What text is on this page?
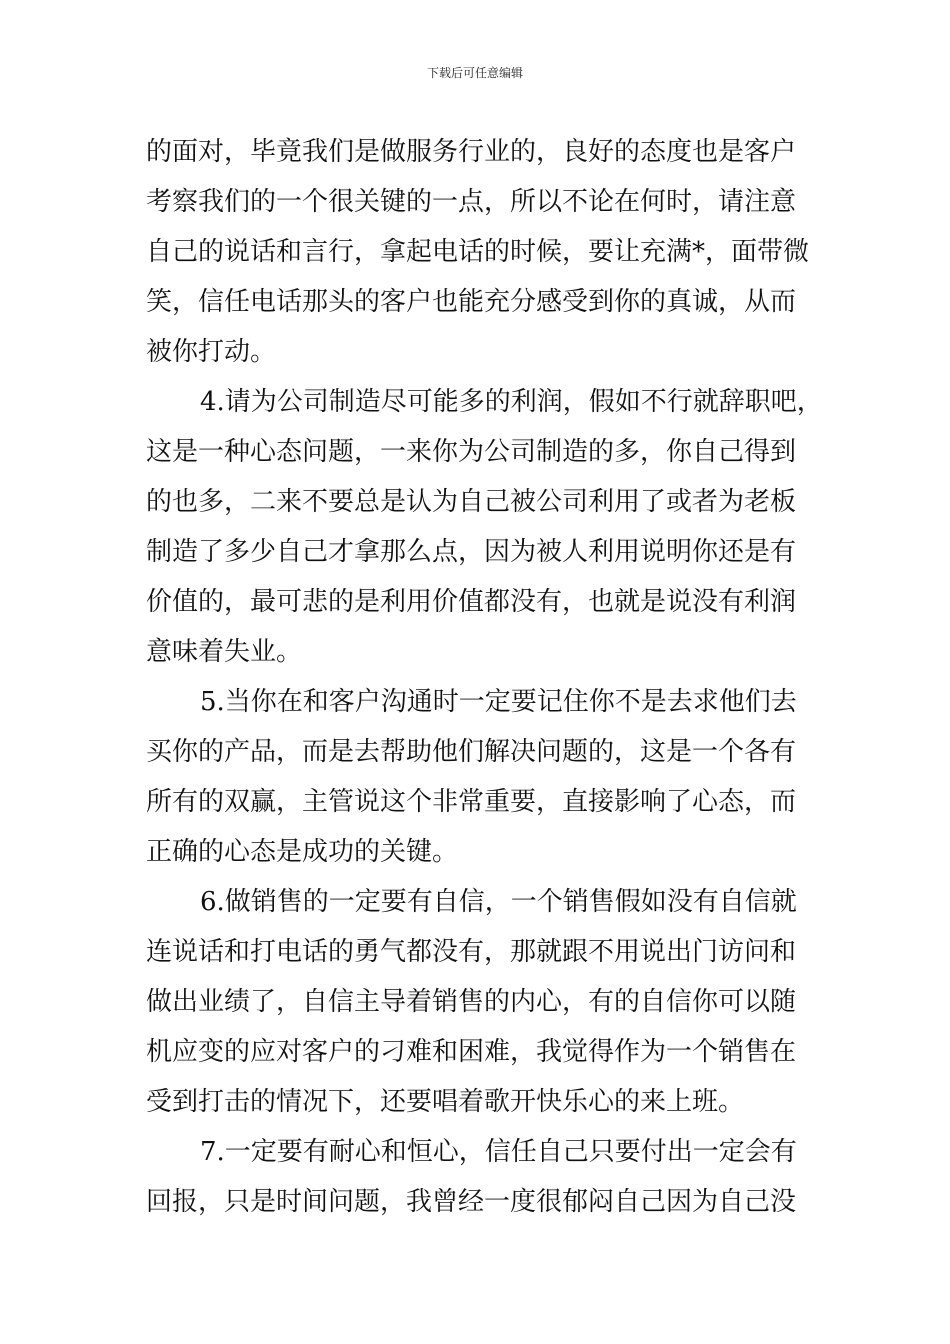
下载后可任意编辑
的面对，毕竟我们是做服务行业的，良好的态度也是客户
考察我们的一个很关键的一点，所以不论在何时，请注意
自己的说话和言行，拿起电话的时候，要让充满*，面带微
笑，信任电话那头的客户也能充分感受到你的真诚，从而
被你打动。
4.请为公司制造尽可能多的利润，假如不行就辞职吧，
这是一种心态问题，一来你为公司制造的多，你自己得到
的也多，二来不要总是认为自己被公司利用了或者为老板
制造了多少自己才拿那么点，因为被人利用说明你还是有
价值的，最可悲的是利用价值都没有，也就是说没有利润
意味着失业。
5.当你在和客户沟通时一定要记住你不是去求他们去
买你的产品，而是去帮助他们解决问题的，这是一个各有
所有的双赢，主管说这个非常重要，直接影响了心态，而
正确的心态是成功的关键。
6.做销售的一定要有自信，一个销售假如没有自信就
连说话和打电话的勇气都没有，那就跟不用说出门访问和
做出业绩了，自信主导着销售的内心，有的自信你可以随
机应变的应对客户的刁难和困难，我觉得作为一个销售在
受到打击的情况下，还要唱着歌开快乐心的来上班。
7.一定要有耐心和恒心，信任自己只要付出一定会有
回报，只是时间问题，我曾经一度很郁闷自己因为自己没
